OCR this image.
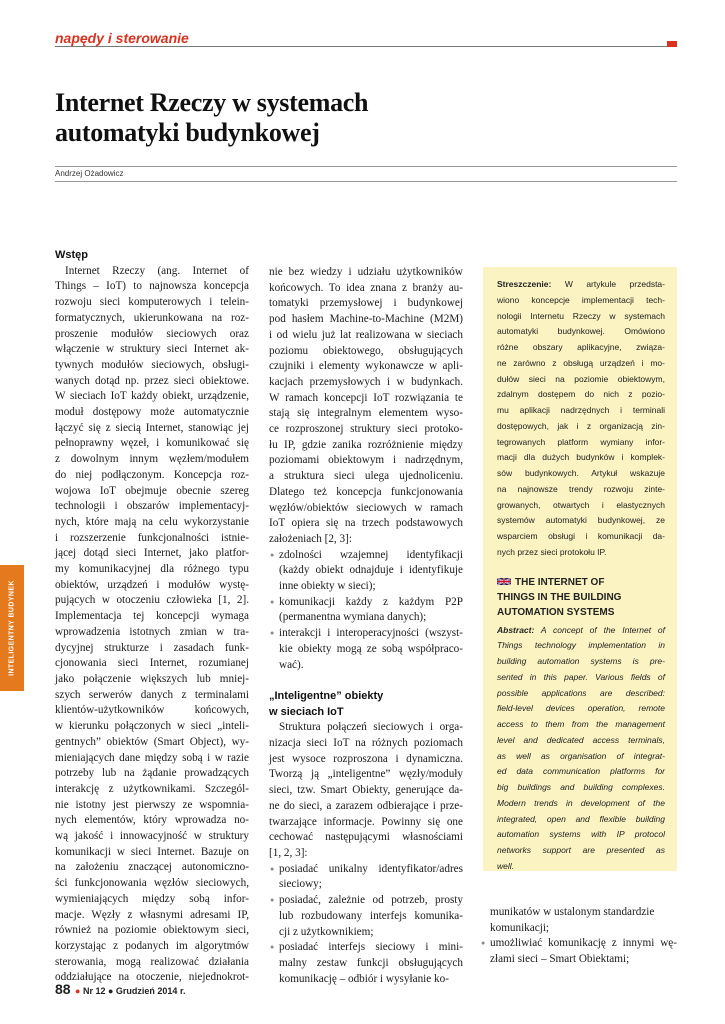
napędy i sterowanie
Internet Rzeczy w systemach
automatyki budynkowej
Andrzej Ożadowicz
INTELIGENTNY BUDYNEK
Wstęp
Internet Rzeczy (ang. Internet of
Things – IoT) to najnowsza koncepcja
rozwoju sieci komputerowych i telein-
formatycznych, ukierunkowana na roz-
proszenie modułów sieciowych oraz
włączenie w struktury sieci Internet ak-
tywnych modułów sieciowych, obsługi-
wanych dotąd np. przez sieci obiektowe.
W sieciach IoT każdy obiekt, urządzenie,
moduł dostępowy może automatycznie
łączyć się z siecią Internet, stanowiąc jej
pełnoprawny węzeł, i komunikować się
z dowolnym innym węzłem/modułem
do niej podłączonym. Koncepcja roz-
wojowa IoT obejmuje obecnie szereg
technologii i obszarów implementacyj-
nych, które mają na celu wykorzystanie
i rozszerzenie funkcjonalności istnie-
jącej dotąd sieci Internet, jako platfor-
my komunikacyjnej dla różnego typu
obiektów, urządzeń i modułów wystę-
pujących w otoczeniu człowieka [1, 2].
Implementacja tej koncepcji wymaga
wprowadzenia istotnych zmian w tra-
dycyjnej strukturze i zasadach funk-
cjonowania sieci Internet, rozumianej
jako połączenie większych lub mniej-
szych serwerów danych z terminalami
klientów-użytkowników końcowych,
w kierunku połączonych w sieci „inteli-
gentnych” obiektów (Smart Object), wy-
mieniających dane między sobą i w razie
potrzeby lub na żądanie prowadzących
interakcję z użytkownikami. Szczegól-
nie istotny jest pierwszy ze wspomnia-
nych elementów, który wprowadza no-
wą jakość i innowacyjność w struktury
komunikacji w sieci Internet. Bazuje on
na założeniu znaczącej autonomiczno-
ści funkcjonowania węzłów sieciowych,
wymieniających między sobą infor-
macje. Węzły z własnymi adresami IP,
również na poziomie obiektowym sieci,
korzystając z podanych im algorytmów
sterowania, mogą realizować działania
oddziałujące na otoczenie, niejednokrot-
nie bez wiedzy i udziału użytkowników
końcowych. To idea znana z branży au-
tomatyki przemysłowej i budynkowej
pod hasłem Machine-to-Machine (M2M)
i od wielu już lat realizowana w sieciach
poziomu obiektowego, obsługujących
czujniki i elementy wykonawcze w apli-
kacjach przemysłowych i w budynkach.
W ramach koncepcji IoT rozwiązania te
stają się integralnym elementem wyso-
ce rozproszonej struktury sieci protoko-
łu IP, gdzie zanika rozróżnienie między
poziomami obiektowym i nadrzędnym,
a struktura sieci ulega ujednoliceniu.
Dlatego też koncepcja funkcjonowania
węzłów/obiektów sieciowych w ramach
IoT opiera się na trzech podstawowych
założeniach [2, 3]:
● zdolności wzajemnej identyfikacji
(każdy obiekt odnajduje i identyfikuje
inne obiekty w sieci);
● komunikacji każdy z każdym P2P
(permanentna wymiana danych);
● interakcji i interoperacyjności (wszyst-
kie obiekty mogą ze sobą współpraco-
wać).
„Inteligentne” obiekty
w sieciach IoT
Struktura połączeń sieciowych i orga-
nizacja sieci IoT na różnych poziomach
jest wysoce rozproszona i dynamiczna.
Tworzą ją „inteligentne” węzły/moduły
sieci, tzw. Smart Obiekty, generujące da-
ne do sieci, a zarazem odbierające i prze-
twarzające informacje. Powinny się one
cechować następującymi własnościami
[1, 2, 3]:
● posiadać unikalny identyfikator/adres
sieciowy;
● posiadać, zależnie od potrzeb, prosty
lub rozbudowany interfejs komunika-
cji z użytkownikiem;
● posiadać interfejs sieciowy i mini-
malny zestaw funkcji obsługujących
komunikację – odbiór i wysyłanie ko-
munikatów w ustalonym standardzie
komunikacji;
● umożliwiać komunikację z innymi wę-
złami sieci – Smart Obiektami;
Streszczenie: W artykule przedsta-
wiono koncepcje implementacji tech-
nologii Internetu Rzeczy w systemach
automatyki budynkowej. Omówiono
różne obszary aplikacyjne, związa-
ne zarówno z obsługą urządzeń i mo-
dułów sieci na poziomie obiektowym,
zdalnym dostępem do nich z pozio-
mu aplikacji nadrzędnych i terminali
dostępowych, jak i z organizacją zin-
tegrowanych platform wymiany infor-
macji dla dużych budynków i komplek-
sów budynkowych. Artykuł wskazuje
na najnowsze trendy rozwoju zinte-
growanych, otwartych i elastycznych
systemów automatyki budynkowej, ze
wsparciem obsługi i komunikacji da-
nych przez sieci protokołu IP.
THE INTERNET OF
THINGS IN THE BUILDING
AUTOMATION SYSTEMS
Abstract: A concept of the Internet of
Things technology implementation in
building automation systems is pre-
sented in this paper. Various fields of
possible applications are described:
field-level devices operation, remote
access to them from the management
level and dedicated access terminals,
as well as organisation of integrat-
ed data communication platforms for
big buildings and building complexes.
Modern trends in development of the
integrated, open and flexible building
automation systems with IP protocol
networks support are presented as
well.
88 ● Nr 12 ● Grudzień 2014 r.
